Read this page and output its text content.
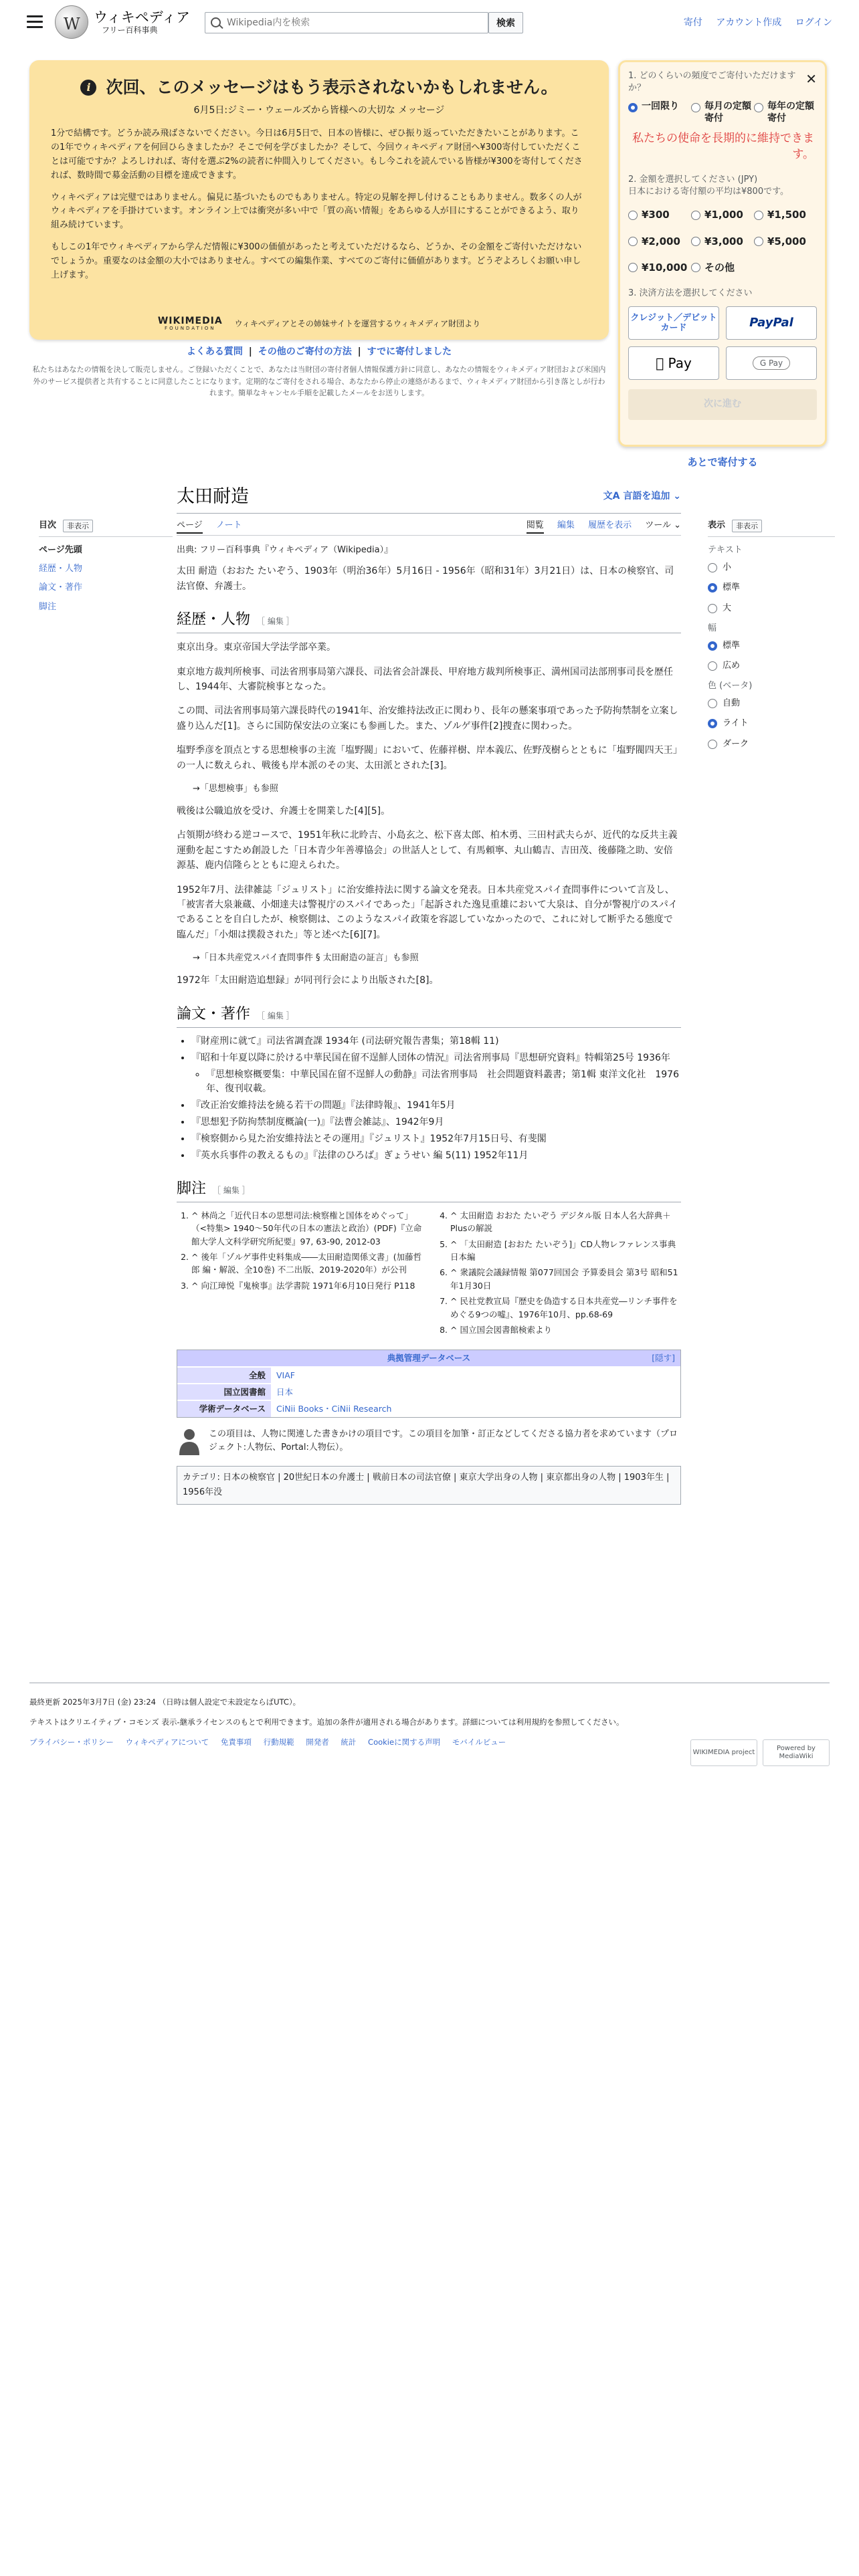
W
ウィキペディア
フリー百科事典
Wikipedia内を検索
検索	寄付 アカウント作成 ログイン
i 次回、このメッセージはもう表示されないかもしれません。
6月5日:ジミー・ウェールズから皆様への大切な メッセージ

1分で結構です。どうか読み飛ばさないでください。今日は6月5日で、日本の皆様に、ぜひ振り返っていただきたいことがあります。この1年でウィキペディアを何回ひらきましたか？そこで何を学びましたか？そして、今回ウィキペディア財団へ¥300寄付していただくことは可能ですか？よろしければ、寄付を選ぶ2%の読者に仲間入りしてください。もし今これを読んでいる皆様が¥300を寄付してくだされば、数時間で募金活動の目標を達成できます。

ウィキペディアは完璧ではありません。偏見に基づいたものでもありません。特定の見解を押し付けることもありません。数多くの人がウィキペディアを手掛けています。オンライン上では衝突が多い中で「質の高い情報」をあらゆる人が目にすることができるよう、取り組み続けています。

もしこの1年でウィキペディアから学んだ情報に¥300の価値があったと考えていただけるなら、どうか、その金額をご寄付いただけないでしょうか。重要なのは金額の大小ではありません。すべての編集作業、すべてのご寄付に価値があります。どうぞよろしくお願い申し上げます。

WIKIMEDIA
FOUNDATION
ウィキペディアとその姉妹サイトを運営するウィキメディア財団より
よくある質問 | その他のご寄付の方法 | すでに寄付しました
私たちはあなたの情報を決して販売しません。ご登録いただくことで、あなたは当財団の寄付者個人情報保護方針に同意し、あなたの情報をウィキメディア財団および米国内外のサービス提供者と共有することに同意したことになります。定期的なご寄付をされる場合、あなたから停止の連絡があるまで、ウィキメディア財団から引き落としが行われます。簡単なキャンセル手順を記載したメールをお送りします。
✕
1. どのくらいの頻度でご寄付いただけますか？
一回限り	毎月の定額寄付
毎年の定額寄付
私たちの使命を長期的に維持できます。
2. 金額を選択してください (JPY)
日本における寄付額の平均は¥800です。
¥300	¥1,000 ¥1,500
¥2,000 ¥3,000 ¥5,000
¥10,000 その他
3. 決済方法を選択してください
クレジット／デビットカード	PayPal
Pay	G Pay
次に進む
あとで寄付する
目次	非表示
ページ先頭
経歴・人物
論文・著作
脚注
表示	非表示
テキスト
小
標準
大
幅
標準
広め
色 (ベータ)
自動
ライト
ダーク
太田耐造	文A 言語を追加 ⌄
ページ ノート	閲覧 編集 履歴を表示 ツール ⌄
出典: フリー百科事典『ウィキペディア（Wikipedia）』

太田 耐造（おおた たいぞう、1903年（明治36年）5月16日 - 1956年（昭和31年）3月21日）は、日本の検察官、司法官僚、弁護士。

経歴・人物 ［ 編集 ］

東京出身。東京帝国大学法学部卒業。

東京地方裁判所検事、司法省刑事局第六課長、司法省会計課長、甲府地方裁判所検事正、満州国司法部刑事司長を歴任し、1944年、大審院検事となった。

この間、司法省刑事局第六課長時代の1941年、治安維持法改正に関わり、長年の懸案事項であった予防拘禁制を立案し盛り込んだ[1]。さらに国防保安法の立案にも参画した。また、ゾルゲ事件[2]捜査に関わった。

塩野季彦を頂点とする思想検事の主流「塩野閥」において、佐藤祥樹、岸本義広、佐野茂樹らとともに「塩野閥四天王」の一人に数えられ、戦後も岸本派のその実、太田派とされた[3]。

→「思想検事」も参照

戦後は公職追放を受け、弁護士を開業した[4][5]。

占領期が終わる逆コースで、1951年秋に北昤吉、小島玄之、松下喜太郎、柏木勇、三田村武夫らが、近代的な反共主義運動を起こすため創設した「日本青少年善導協会」の世話人として、有馬頼寧、丸山鶴吉、吉田茂、後藤隆之助、安倍源基、鹿内信隆らとともに迎えられた。

1952年7月、法律雑誌「ジュリスト」に治安維持法に関する論文を発表。日本共産党スパイ査問事件について言及し、「被害者大泉兼蔵、小畑達夫は警視庁のスパイであった」「起訴された逸見重雄において大泉は、自分が警視庁のスパイであることを自白したが、検察側は、このようなスパイ政策を容認していなかったので、これに対して断乎たる態度で臨んだ」「小畑は撲殺された」等と述べた[6][7]。

→「日本共産党スパイ査問事件 § 太田耐造の証言」も参照

1972年「太田耐造追想録」が同刊行会により出版された[8]。

論文・著作 ［ 編集 ］
• 『財産刑に就て』司法省調査課 1934年 (司法研究報告書集；第18輯 11)
• 『昭和十年夏以降に於ける中華民国在留不逞鮮人団体の情況』司法省刑事局『思想研究資料』特輯第25号 1936年
◦ 『思想検察概要集：中華民国在留不逞鮮人の動静』司法省刑事局　社会問題資料叢書；第1輯 東洋文化社　1976年、復刊収載。
• 『改正治安維持法を繞る若干の問題』『法律時報』、1941年5月
• 『思想犯予防拘禁制度概論(一)』『法曹会雑誌』、1942年9月
• 『検察側から見た治安維持法とその運用』『ジュリスト』1952年7月15日号、有斐閣
• 『英水兵事件の教えるもの』『法律のひろば』ぎょうせい 編 5(11) 1952年11月
脚注 ［ 編集 ］
1. ^ 林尚之「近代日本の思想司法:検察権と国体をめぐって」（<特集> 1940〜50年代の日本の憲法と政治）(PDF)『立命館大学人文科学研究所紀要』97, 63-90, 2012-03
2. ^ 後年「ゾルゲ事件史料集成――太田耐造関係文書」(加藤哲郎 編・解説、全10巻) 不二出版、2019-2020年）が公刊
3. ^ 向江璋悦『鬼検事』法学書院 1971年6月10日発行 P118
4. ^ 太田耐造 おおた たいぞう デジタル版 日本人名大辞典＋Plusの解説
5. ^ 「太田耐造 [おおた たいぞう]」CD人物レファレンス事典 日本編
6. ^ 衆議院会議録情報 第077回国会 予算委員会 第3号 昭和51年1月30日
7. ^ 民社党教宣局『歴史を偽造する日本共産党―リンチ事件をめぐる9つの嘘』、1976年10月、pp.68-69
8. ^ 国立国会図書館検索より
典拠管理データベース	[隠す]
全般	VIAF
国立図書館	日本
学術データベース	CiNii Books・CiNii Research
この項目は、人物に関連した書きかけの項目です。この項目を加筆・訂正などしてくださる協力者を求めています（プロジェクト:人物伝、Portal:人物伝）。
カテゴリ: 日本の検察官 | 20世紀日本の弁護士 | 戦前日本の司法官僚 | 東京大学出身の人物 | 東京都出身の人物 | 1903年生 | 1956年没

最終更新 2025年3月7日 (金) 23:24 （日時は個人設定で未設定ならばUTC）。

テキストはクリエイティブ・コモンズ 表示-継承ライセンスのもとで利用できます。追加の条件が適用される場合があります。詳細については利用規約を参照してください。

プライバシー・ポリシー ウィキペディアについて 免責事項 行動規範 開発者 統計 Cookieに関する声明 モバイルビュー

WIKIMEDIA project
Powered by MediaWiki
